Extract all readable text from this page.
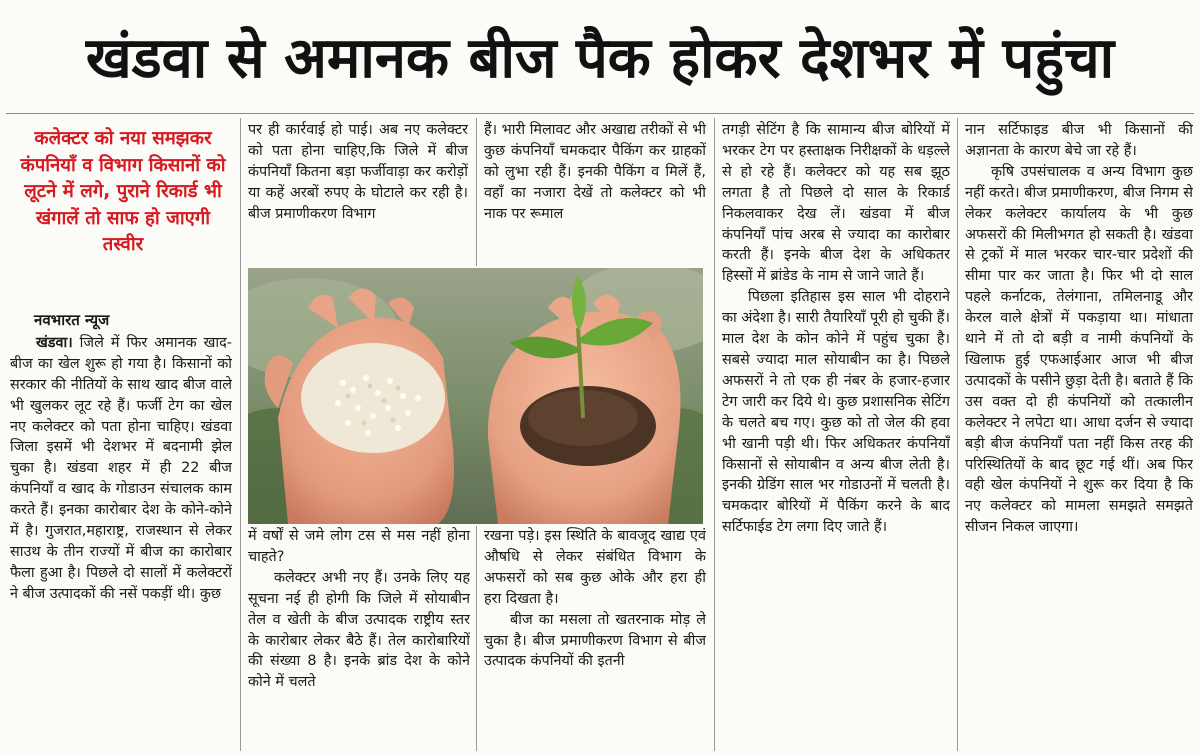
खंडवा से अमानक बीज पैक होकर देशभर में पहुंचा
कलेक्टर को नया समझकर कंपनियाँ व विभाग किसानों को लूटने में लगे, पुराने रिकार्ड भी खंगालें तो साफ हो जाएगी तस्वीर
नवभारत न्यूज

खंडवा। जिले में फिर अमानक खाद-बीज का खेल शुरू हो गया है। किसानों को सरकार की नीतियों के साथ खाद बीज वाले भी खुलकर लूट रहे हैं। फर्जी टेग का खेल नए कलेक्टर को पता होना चाहिए। खंडवा जिला इसमें भी देशभर में बदनामी झेल चुका है। खंडवा शहर में ही 22 बीज कंपनियाँ व खाद के गोडाउन संचालक काम करते हैं। इनका कारोबार देश के कोने-कोने में है। गुजरात,महाराष्ट्र, राजस्थान से लेकर साउथ के तीन राज्यों में बीज का कारोबार फैला हुआ है। पिछले दो सालों में कलेक्टरों ने बीज उत्पादकों की नसें पकड़ीं थी। कुछ

पर ही कार्रवाई हो पाई। अब नए कलेक्टर को पता होना चाहिए,कि जिले में बीज कंपनियाँ कितना बड़ा फर्जीवाड़ा कर करोड़ों या कहें अरबों रुपए के घोटाले कर रही है। बीज प्रमाणीकरण विभाग

हैं। भारी मिलावट और अखाद्य तरीकों से भी कुछ कंपनियाँ चमकदार पैकिंग कर ग्राहकों को लुभा रही हैं। इनकी पैकिंग व मिलें हैं, वहाँ का नजारा देखें तो कलेक्टर को भी नाक पर रूमाल

में वर्षों से जमे लोग टस से मस नहीं होना चाहते?

कलेक्टर अभी नए हैं। उनके लिए यह सूचना नई ही होगी कि जिले में सोयाबीन तेल व खेती के बीज उत्पादक राष्ट्रीय स्तर के कारोबार लेकर बैठे हैं। तेल कारोबारियों की संख्या 8 है। इनके ब्रांड देश के कोने कोने में चलते

रखना पड़े। इस स्थिति के बावजूद खाद्य एवं औषधि से लेकर संबंधित विभाग के अफसरों को सब कुछ ओके और हरा ही हरा दिखता है।

बीज का मसला तो खतरनाक मोड़ ले चुका है। बीज प्रमाणीकरण विभाग से बीज उत्पादक कंपनियों की इतनी

तगड़ी सेटिंग है कि सामान्य बीज बोरियों में भरकर टेग पर हस्ताक्षक निरीक्षकों के धड़ल्ले से हो रहे हैं। कलेक्टर को यह सब झूठ लगता है तो पिछले दो साल के रिकार्ड निकलवाकर देख लें। खंडवा में बीज कंपनियाँ पांच अरब से ज्यादा का कारोबार करती हैं। इनके बीज देश के अधिकतर हिस्सों में ब्रांडेड के नाम से जाने जाते हैं।

पिछला इतिहास इस साल भी दोहराने का अंदेशा है। सारी तैयारियाँ पूरी हो चुकी हैं। माल देश के कोन कोने में पहुंच चुका है। सबसे ज्यादा माल सोयाबीन का है। पिछले अफसरों ने तो एक ही नंबर के हजार-हजार टेग जारी कर दिये थे। कुछ प्रशासनिक सेटिंग के चलते बच गए। कुछ को तो जेल की हवा भी खानी पड़ी थी। फिर अधिकतर कंपनियाँ किसानों से सोयाबीन व अन्य बीज लेती है। इनकी ग्रेडिंग साल भर गोडाउनों में चलती है। चमकदार बोरियों में पैकिंग करने के बाद सर्टिफाईड टेग लगा दिए जाते हैं।

नान सर्टिफाइड बीज भी किसानों की अज्ञानता के कारण बेचे जा रहे हैं।

कृषि उपसंचालक व अन्य विभाग कुछ नहीं करते। बीज प्रमाणीकरण, बीज निगम से लेकर कलेक्टर कार्यालय के भी कुछ अफसरों की मिलीभगत हो सकती है। खंडवा से ट्रकों में माल भरकर चार-चार प्रदेशों की सीमा पार कर जाता है। फिर भी दो साल पहले कर्नाटक, तेलंगाना, तमिलनाडू और केरल वाले क्षेत्रों में पकड़ाया था। मांधाता थाने में तो दो बड़ी व नामी कंपनियों के खिलाफ हुई एफआईआर आज भी बीज उत्पादकों के पसीने छुड़ा देती है। बताते हैं कि उस वक्त दो ही कंपनियों को तत्कालीन कलेक्टर ने लपेटा था। आधा दर्जन से ज्यादा बड़ी बीज कंपनियाँ पता नहीं किस तरह की परिस्थितियों के बाद छूट गई थीं। अब फिर वही खेल कंपनियों ने शुरू कर दिया है कि नए कलेक्टर को मामला समझते समझते सीजन निकल जाएगा।
